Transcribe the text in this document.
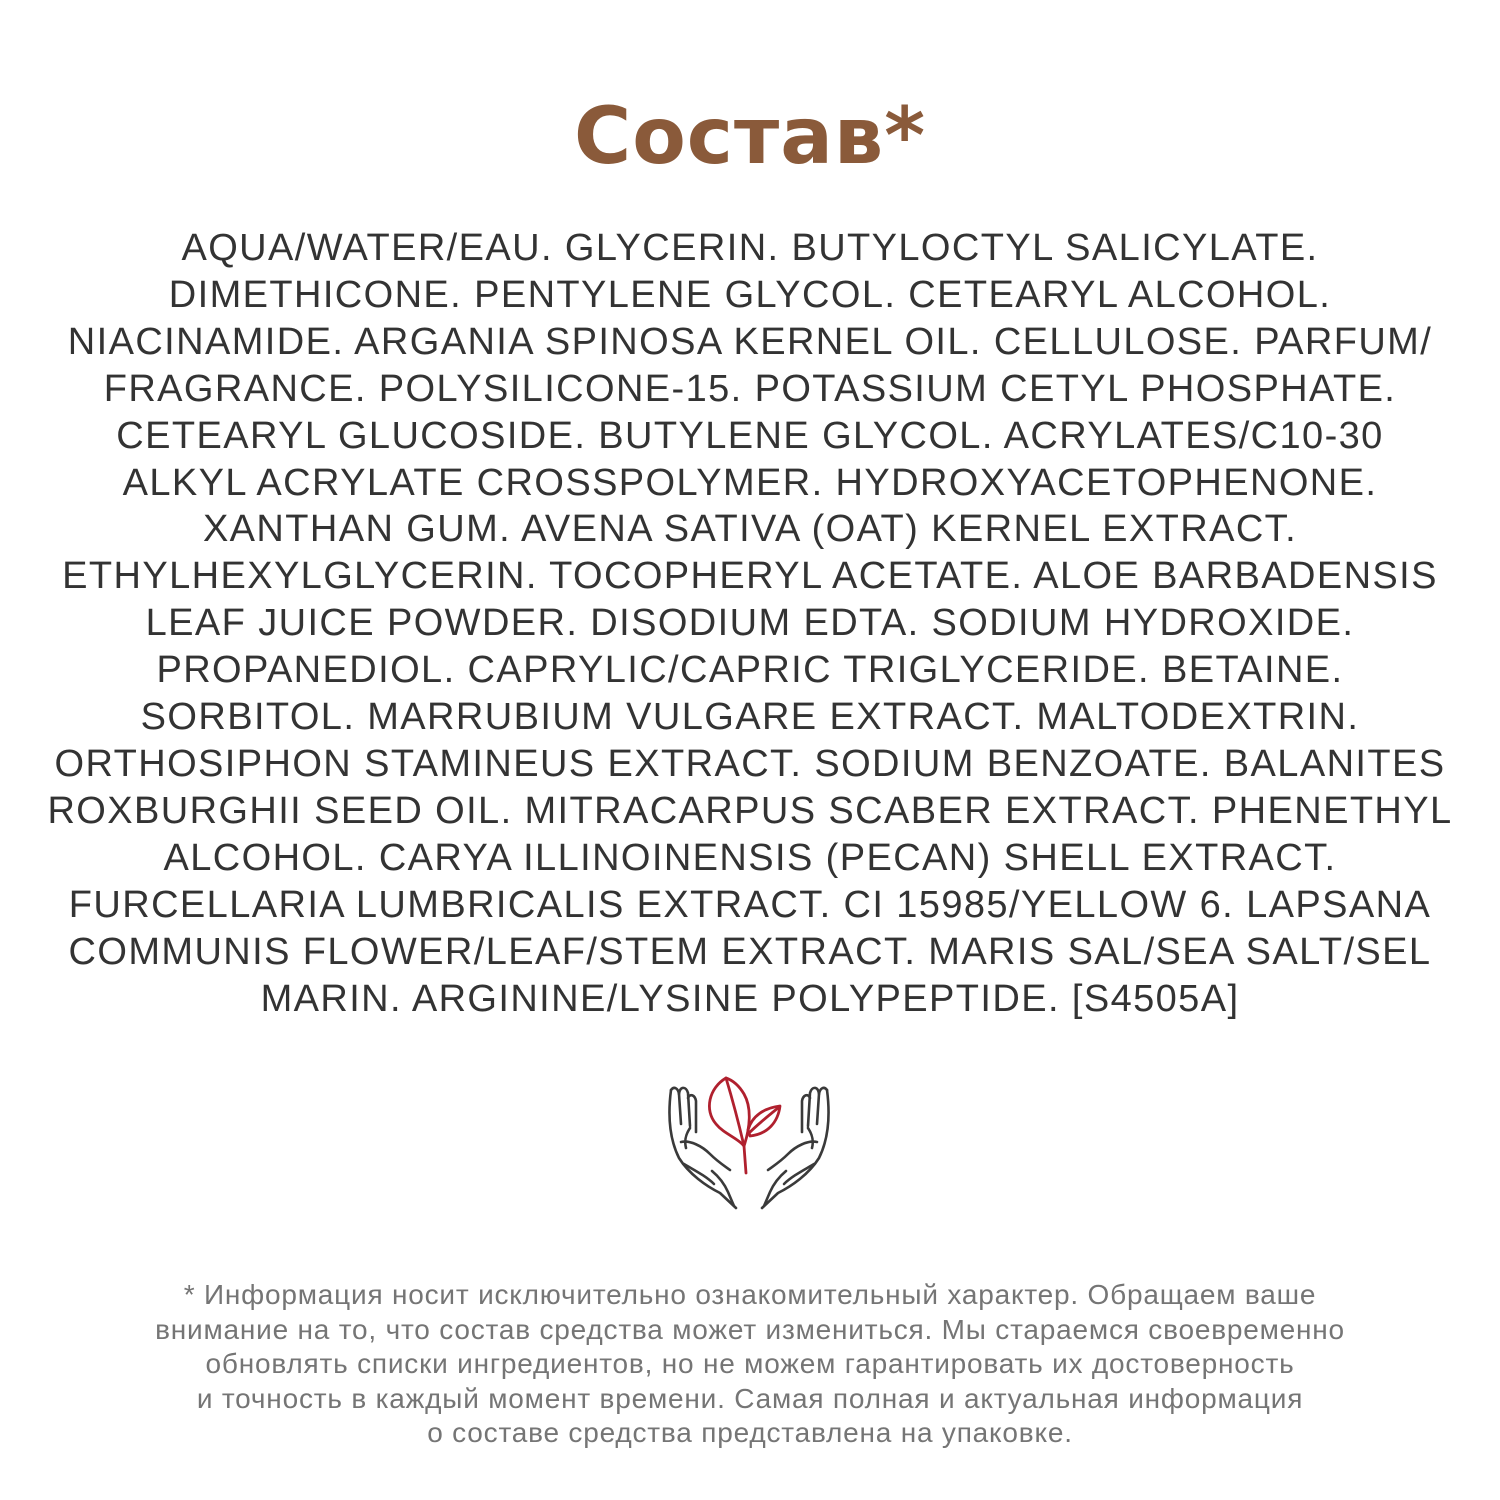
Состав*
AQUA/WATER/EAU. GLYCERIN. BUTYLOCTYL SALICYLATE.
DIMETHICONE. PENTYLENE GLYCOL. CETEARYL ALCOHOL.
NIACINAMIDE. ARGANIA SPINOSA KERNEL OIL. CELLULOSE. PARFUM/
FRAGRANCE. POLYSILICONE-15. POTASSIUM CETYL PHOSPHATE.
CETEARYL GLUCOSIDE. BUTYLENE GLYCOL. ACRYLATES/C10-30
ALKYL ACRYLATE CROSSPOLYMER. HYDROXYACETOPHENONE.
XANTHAN GUM. AVENA SATIVA (OAT) KERNEL EXTRACT.
ETHYLHEXYLGLYCERIN. TOCOPHERYL ACETATE. ALOE BARBADENSIS
LEAF JUICE POWDER. DISODIUM EDTA. SODIUM HYDROXIDE.
PROPANEDIOL. CAPRYLIC/CAPRIC TRIGLYCERIDE. BETAINE.
SORBITOL. MARRUBIUM VULGARE EXTRACT. MALTODEXTRIN.
ORTHOSIPHON STAMINEUS EXTRACT. SODIUM BENZOATE. BALANITES
ROXBURGHII SEED OIL. MITRACARPUS SCABER EXTRACT. PHENETHYL
ALCOHOL. CARYA ILLINOINENSIS (PECAN) SHELL EXTRACT.
FURCELLARIA LUMBRICALIS EXTRACT. CI 15985/YELLOW 6. LAPSANA
COMMUNIS FLOWER/LEAF/STEM EXTRACT. MARIS SAL/SEA SALT/SEL
MARIN. ARGININE/LYSINE POLYPEPTIDE. [S4505A]
* Информация носит исключительно ознакомительный характер. Обращаем ваше
внимание на то, что состав средства может измениться. Мы стараемся своевременно
обновлять списки ингредиентов, но не можем гарантировать их достоверность
и точность в каждый момент времени. Самая полная и актуальная информация
о составе средства представлена на упаковке.
